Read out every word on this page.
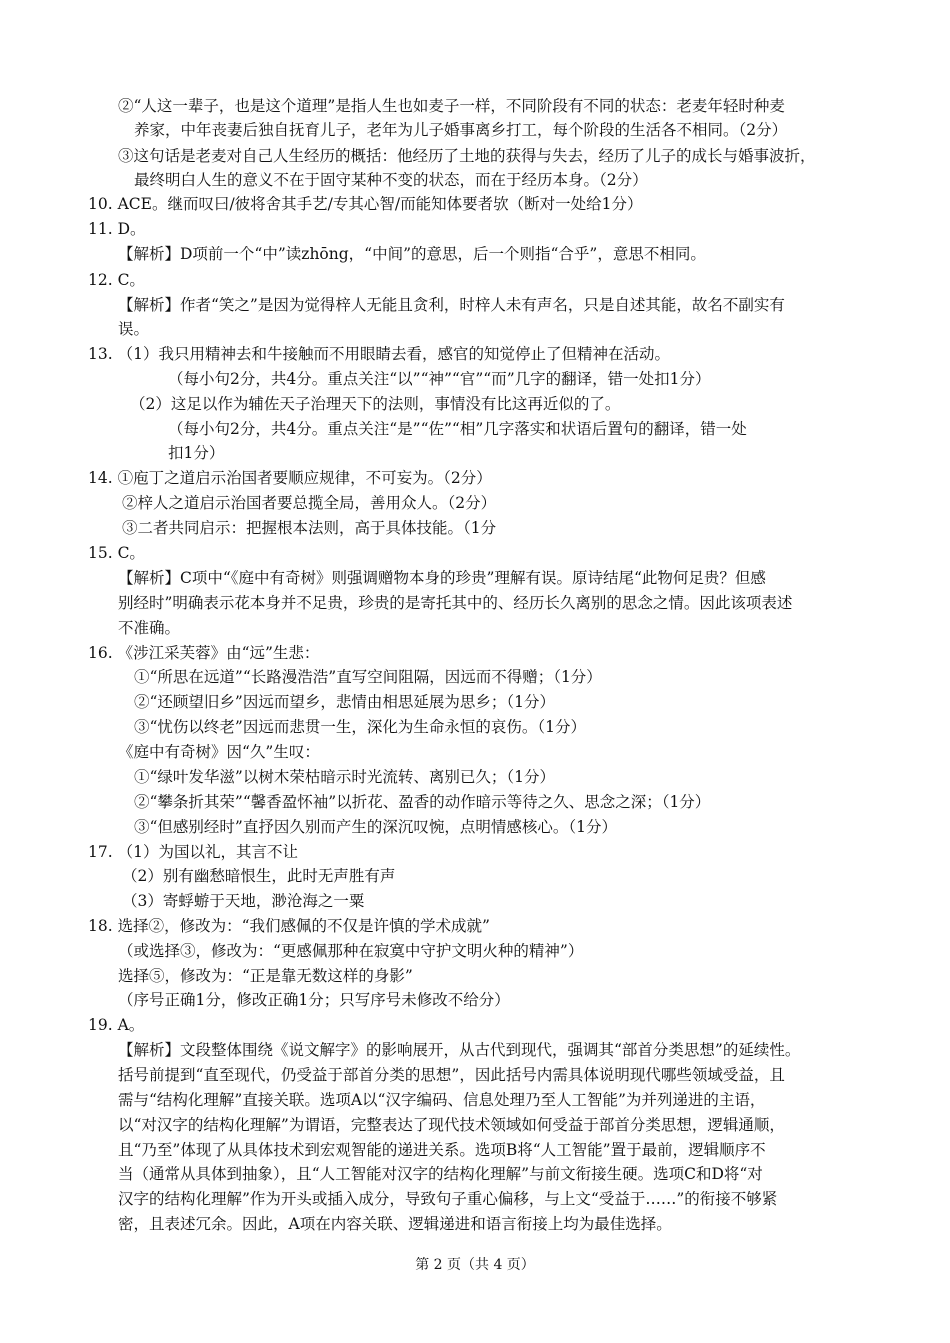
②“人这一辈子，也是这个道理”是指人生也如麦子一样，不同阶段有不同的状态：老麦年轻时种麦
养家，中年丧妻后独自抚育儿子，老年为儿子婚事离乡打工，每个阶段的生活各不相同。（2分）
③这句话是老麦对自己人生经历的概括：他经历了土地的获得与失去，经历了儿子的成长与婚事波折，
最终明白人生的意义不在于固守某种不变的状态，而在于经历本身。（2分）
10. ACE。继而叹曰/彼将舍其手艺/专其心智/而能知体要者欤（断对一处给1分）
11. D。
【解析】D项前一个“中”读zhōng，“中间”的意思，后一个则指“合乎”，意思不相同。
12. C。
【解析】作者“笑之”是因为觉得梓人无能且贪利，时梓人未有声名，只是自述其能，故名不副实有
误。
13. （1）我只用精神去和牛接触而不用眼睛去看，感官的知觉停止了但精神在活动。
（每小句2分，共4分。重点关注“以”“神”“官”“而”几字的翻译，错一处扣1分）
（2）这足以作为辅佐天子治理天下的法则，事情没有比这再近似的了。
（每小句2分，共4分。重点关注“是”“佐”“相”几字落实和状语后置句的翻译，错一处
扣1分）
14. ①庖丁之道启示治国者要顺应规律，不可妄为。（2分）
②梓人之道启示治国者要总揽全局，善用众人。（2分）
③二者共同启示：把握根本法则，高于具体技能。（1分
15. C。
【解析】C项中“《庭中有奇树》则强调赠物本身的珍贵”理解有误。原诗结尾“此物何足贵？但感
别经时”明确表示花本身并不足贵，珍贵的是寄托其中的、经历长久离别的思念之情。因此该项表述
不准确。
16. 《涉江采芙蓉》由“远”生悲：
①“所思在远道”“长路漫浩浩”直写空间阻隔，因远而不得赠；（1分）
②“还顾望旧乡”因远而望乡，悲情由相思延展为思乡；（1分）
③“忧伤以终老”因远而悲贯一生，深化为生命永恒的哀伤。（1分）
《庭中有奇树》因“久”生叹：
①“绿叶发华滋”以树木荣枯暗示时光流转、离别已久；（1分）
②“攀条折其荣”“馨香盈怀袖”以折花、盈香的动作暗示等待之久、思念之深；（1分）
③“但感别经时”直抒因久别而产生的深沉叹惋，点明情感核心。（1分）
17. （1）为国以礼，其言不让
（2）别有幽愁暗恨生，此时无声胜有声
（3）寄蜉蝣于天地，渺沧海之一粟
18. 选择②，修改为：“我们感佩的不仅是许慎的学术成就”
（或选择③，修改为：“更感佩那种在寂寞中守护文明火种的精神”）
选择⑤，修改为：“正是靠无数这样的身影”
（序号正确1分，修改正确1分；只写序号未修改不给分）
19. A。
【解析】文段整体围绕《说文解字》的影响展开，从古代到现代，强调其“部首分类思想”的延续性。
括号前提到“直至现代，仍受益于部首分类的思想”，因此括号内需具体说明现代哪些领域受益，且
需与“结构化理解”直接关联。选项A以“汉字编码、信息处理乃至人工智能”为并列递进的主语，
以“对汉字的结构化理解”为谓语，完整表达了现代技术领域如何受益于部首分类思想，逻辑通顺，
且“乃至”体现了从具体技术到宏观智能的递进关系。选项B将“人工智能”置于最前，逻辑顺序不
当（通常从具体到抽象），且“人工智能对汉字的结构化理解”与前文衔接生硬。选项C和D将“对
汉字的结构化理解”作为开头或插入成分，导致句子重心偏移，与上文“受益于……”的衔接不够紧
密，且表述冗余。因此，A项在内容关联、逻辑递进和语言衔接上均为最佳选择。
第 2 页（共 4 页）
